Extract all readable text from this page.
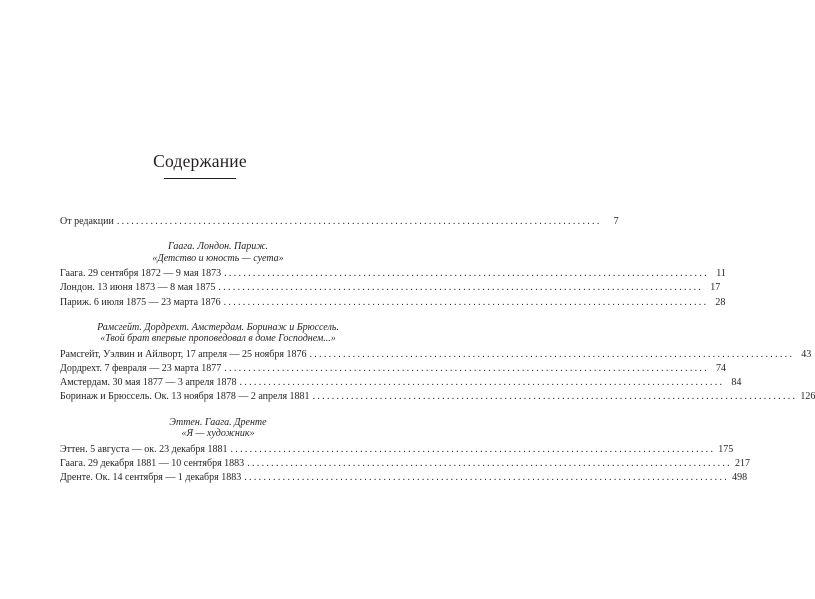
Содержание
От редакции .....................................................................................................	7
Гаага. Лондон. Париж.
«Детство и юность — суета»
Гаага. 29 сентября 1872 — 9 мая 1873 ..................................................................................................... 11
Лондон. 13 июня 1873 — 8 мая 1875 ..................................................................................................... 17
Париж. 6 июля 1875 — 23 марта 1876 ..................................................................................................... 28
Рамсгейт. Дордрехт. Амстердам. Боринаж и Брюссель.
«Твой брат впервые проповедовал в доме Господнем...»
Рамсгейт, Уэлвин и Айлворт, 17 апреля — 25 ноября 1876 ..................................................................................................... 43
Дордрехт. 7 февраля — 23 марта 1877 ..................................................................................................... 74
Амстердам. 30 мая 1877 — 3 апреля 1878 ..................................................................................................... 84
Боринаж и Брюссель. Ок. 13 ноября 1878 — 2 апреля 1881 ..................................................................................................... 126
Эттен. Гаага. Дренте
«Я — художник»
Эттен. 5 августа — ок. 23 декабря 1881 ..................................................................................................... 175
Гаага. 29 декабря 1881 — 10 сентября 1883 ..................................................................................................... 217
Дренте. Ок. 14 сентября — 1 декабря 1883 ..................................................................................................... 498
